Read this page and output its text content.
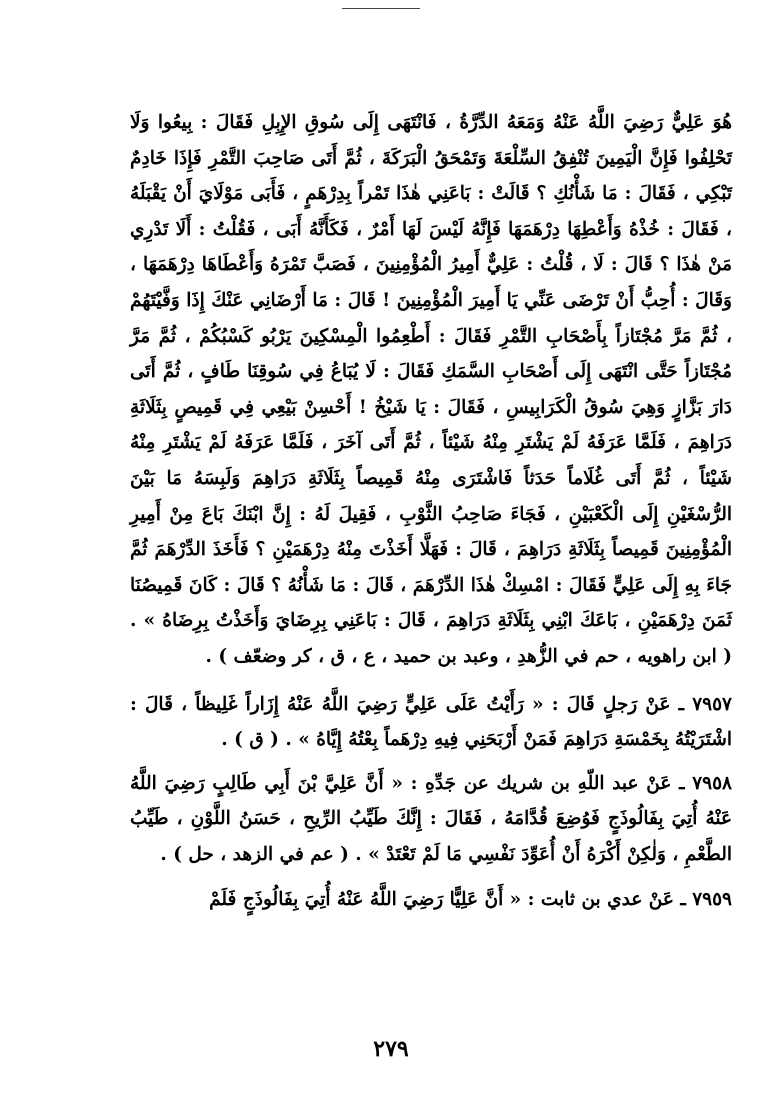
هُوَ عَلِيٌّ رَضِيَ اللَّهُ عَنْهُ وَمَعَهُ الدِّرَّةُ ، فَانْتَهَى إِلَى سُوقِ الإِبِلِ فَقَالَ : بِيعُوا وَلَا تَحْلِفُوا فَإِنَّ الْيَمِينَ تُنْفِقُ السِّلْعَةَ وَتَمْحَقُ الْبَرَكَةَ ، ثُمَّ أَتَى صَاحِبَ التَّمْرِ فَإِذَا خَادِمٌ تَبْكِي ، فَقَالَ : مَا شَأْنُكِ ؟ قَالَتْ : بَاعَنِي هٰذَا تَمْراً بِدِرْهَمٍ ، فَأَبَى مَوْلَايَ أَنْ يَقْبَلَهُ ، فَقَالَ : خُذْهُ وَأَعْطِهَا دِرْهَمَهَا فَإِنَّهُ لَيْسَ لَهَا أَمْرٌ ، فَكَأَنَّهُ أَبَى ، فَقُلْتُ : أَلَا تَدْرِي مَنْ هٰذَا ؟ قَالَ : لَا ، قُلْتُ : عَلِيٌّ أَمِيرُ الْمُؤْمِنِينَ ، فَصَبَّ تَمْرَهُ وَأَعْطَاهَا دِرْهَمَهَا ، وَقَالَ : أُحِبُّ أَنْ تَرْضَى عَنِّي يَا أَمِيرَ الْمُؤْمِنِينَ ! قَالَ : مَا أَرْضَانِي عَنْكَ إِذَا وَفَّيْتَهُمْ ، ثُمَّ مَرَّ مُجْتَازاً بِأَصْحَابِ التَّمْرِ فَقَالَ : أَطْعِمُوا الْمِسْكِينَ يَرْبُو كَسْبُكُمْ ، ثُمَّ مَرَّ مُجْتَازاً حَتَّى انْتَهَى إِلَى أَصْحَابِ السَّمَكِ فَقَالَ : لَا يُبَاعُ فِي سُوقِنَا طَافٍ ، ثُمَّ أَتَى دَارَ بَزَّازٍ وَهِيَ سُوقُ الْكَرَابِيسِ ، فَقَالَ : يَا شَيْخُ ! أَحْسِنْ بَيْعِي فِي قَمِيصٍ بِثَلَاثَةِ دَرَاهِمَ ، فَلَمَّا عَرَفَهُ لَمْ يَشْتَرِ مِنْهُ شَيْئاً ، ثُمَّ أَتَى آخَرَ ، فَلَمَّا عَرَفَهُ لَمْ يَشْتَرِ مِنْهُ شَيْئاً ، ثُمَّ أَتَى غُلَاماً حَدَثاً فَاشْتَرَى مِنْهُ قَمِيصاً بِثَلَاثَةِ دَرَاهِمَ وَلَبِسَهُ مَا بَيْنَ الرُّسْغَيْنِ إِلَى الْكَعْبَيْنِ ، فَجَاءَ صَاحِبُ الثَّوْبِ ، فَقِيلَ لَهُ : إِنَّ ابْنَكَ بَاعَ مِنْ أَمِيرِ الْمُؤْمِنِينَ قَمِيصاً بِثَلَاثَةِ دَرَاهِمَ ، قَالَ : فَهَلَّا أَخَذْتَ مِنْهُ دِرْهَمَيْنِ ؟ فَأَخَذَ الدِّرْهَمَ ثُمَّ جَاءَ بِهِ إِلَى عَلِيٍّ فَقَالَ : امْسِكْ هٰذَا الدِّرْهَمَ ، قَالَ : مَا شَأْنُهُ ؟ قَالَ : كَانَ قَمِيصُنَا ثَمَنَ دِرْهَمَيْنِ ، بَاعَكَ ابْنِي بِثَلَاثَةِ دَرَاهِمَ ، قَالَ : بَاعَنِي بِرِضَايَ وَأَخَذْتُ بِرِضَاهُ » . ( ابن راهويه ، حم في الزُّهدِ ، وعبد بن حميد ، ع ، ق ، كر وضعّف ) .

٧٩٥٧ ـ عَنْ رَجلٍ قَالَ : « رَأَيْتُ عَلَى عَلِيٍّ رَضِيَ اللَّهُ عَنْهُ إِزَاراً غَلِيظاً ، قَالَ : اشْتَرَيْتُهُ بِخَمْسَةِ دَرَاهِمَ فَمَنْ أَرْبَحَنِي فِيهِ دِرْهَماً بِعْتُهُ إِيَّاهُ » . ( ق ) .

٧٩٥٨ ـ عَنْ عبد اللّهِ بن شريك عن جَدِّهِ : « أَنَّ عَلِيَّ بْنَ أَبِي طَالِبٍ رَضِيَ اللَّهُ عَنْهُ أُتِيَ بِفَالُوذَجٍ فَوُضِعَ قُدَّامَهُ ، فَقَالَ : إِنَّكَ طَيِّبُ الرِّيحِ ، حَسَنُ اللَّوْنِ ، طَيِّبُ الطَّعْمِ ، وَلٰكِنْ أَكْرَهُ أَنْ أُعَوِّدَ نَفْسِي مَا لَمْ تَعْتَدْ » . ( عم في الزهد ، حل ) .

٧٩٥٩ ـ عَنْ عدي بن ثابت : « أَنَّ عَلِيًّا رَضِيَ اللَّهُ عَنْهُ أُتِيَ بِفَالُوذَجٍ فَلَمْ

٢٧٩
